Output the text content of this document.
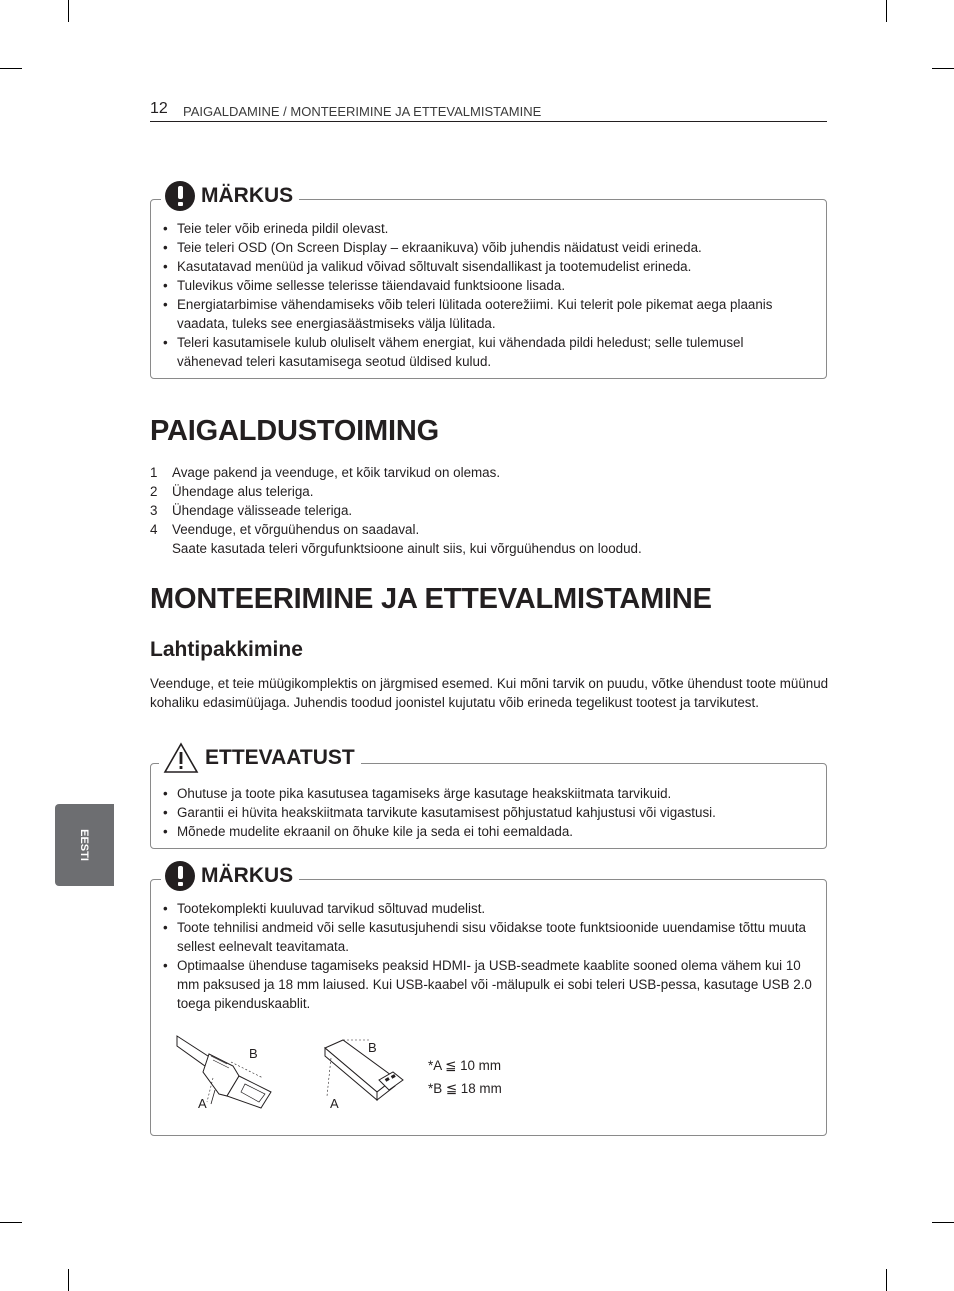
12 PAIGALDAMINE / MONTEERIMINE JA ETTEVALMISTAMINE
MÄRKUS
• Teie teler võib erineda pildil olevast.
• Teie teleri OSD (On Screen Display – ekraanikuva) võib juhendis näidatust veidi erineda.
• Kasutatavad menüüd ja valikud võivad sõltuvalt sisendallikast ja tootemudelist erineda.
• Tulevikus võime sellesse telerisse täiendavaid funktsioone lisada.
• Energiatarbimise vähendamiseks võib teleri lülitada ooterežiimi. Kui telerit pole pikemat aega plaanis vaadata, tuleks see energiasäästmiseks välja lülitada.
• Teleri kasutamisele kulub oluliselt vähem energiat, kui vähendada pildi heledust; selle tulemusel vähenevad teleri kasutamisega seotud üldised kulud.
PAIGALDUSTOIMING
1 Avage pakend ja veenduge, et kõik tarvikud on olemas.
2 Ühendage alus teleriga.
3 Ühendage välisseade teleriga.
4 Veenduge, et võrguühendus on saadaval.
Saate kasutada teleri võrgufunktsioone ainult siis, kui võrguühendus on loodud.
MONTEERIMINE JA ETTEVALMISTAMINE
Lahtipakkimine

Veenduge, et teie müügikomplektis on järgmised esemed. Kui mõni tarvik on puudu, võtke ühendust toote müünud kohaliku edasimüüjaga. Juhendis toodud joonistel kujutatu võib erineda tegelikust tootest ja tarvikutest.

ETTEVAATUST
• Ohutuse ja toote pika kasutusea tagamiseks ärge kasutage heakskiitmata tarvikuid.
• Garantii ei hüvita heakskiitmata tarvikute kasutamisest põhjustatud kahjustusi või vigastusi.
• Mõnede mudelite ekraanil on õhuke kile ja seda ei tohi eemaldada.
MÄRKUS
• Tootekomplekti kuuluvad tarvikud sõltuvad mudelist.
• Toote tehnilisi andmeid või selle kasutusjuhendi sisu võidakse toote funktsioonide uuendamise tõttu muuta sellest eelnevalt teavitamata.
• Optimaalse ühenduse tagamiseks peaksid HDMI- ja USB-seadmete kaablite sooned olema vähem kui 10 mm paksused ja 18 mm laiused. Kui USB-kaabel või -mälupulk ei sobi teleri USB-pessa, kasutage USB 2.0 toega pikenduskaablit.
B
A
B
A
*A ≦ 10 mm
*B ≦ 18 mm
EESTI
